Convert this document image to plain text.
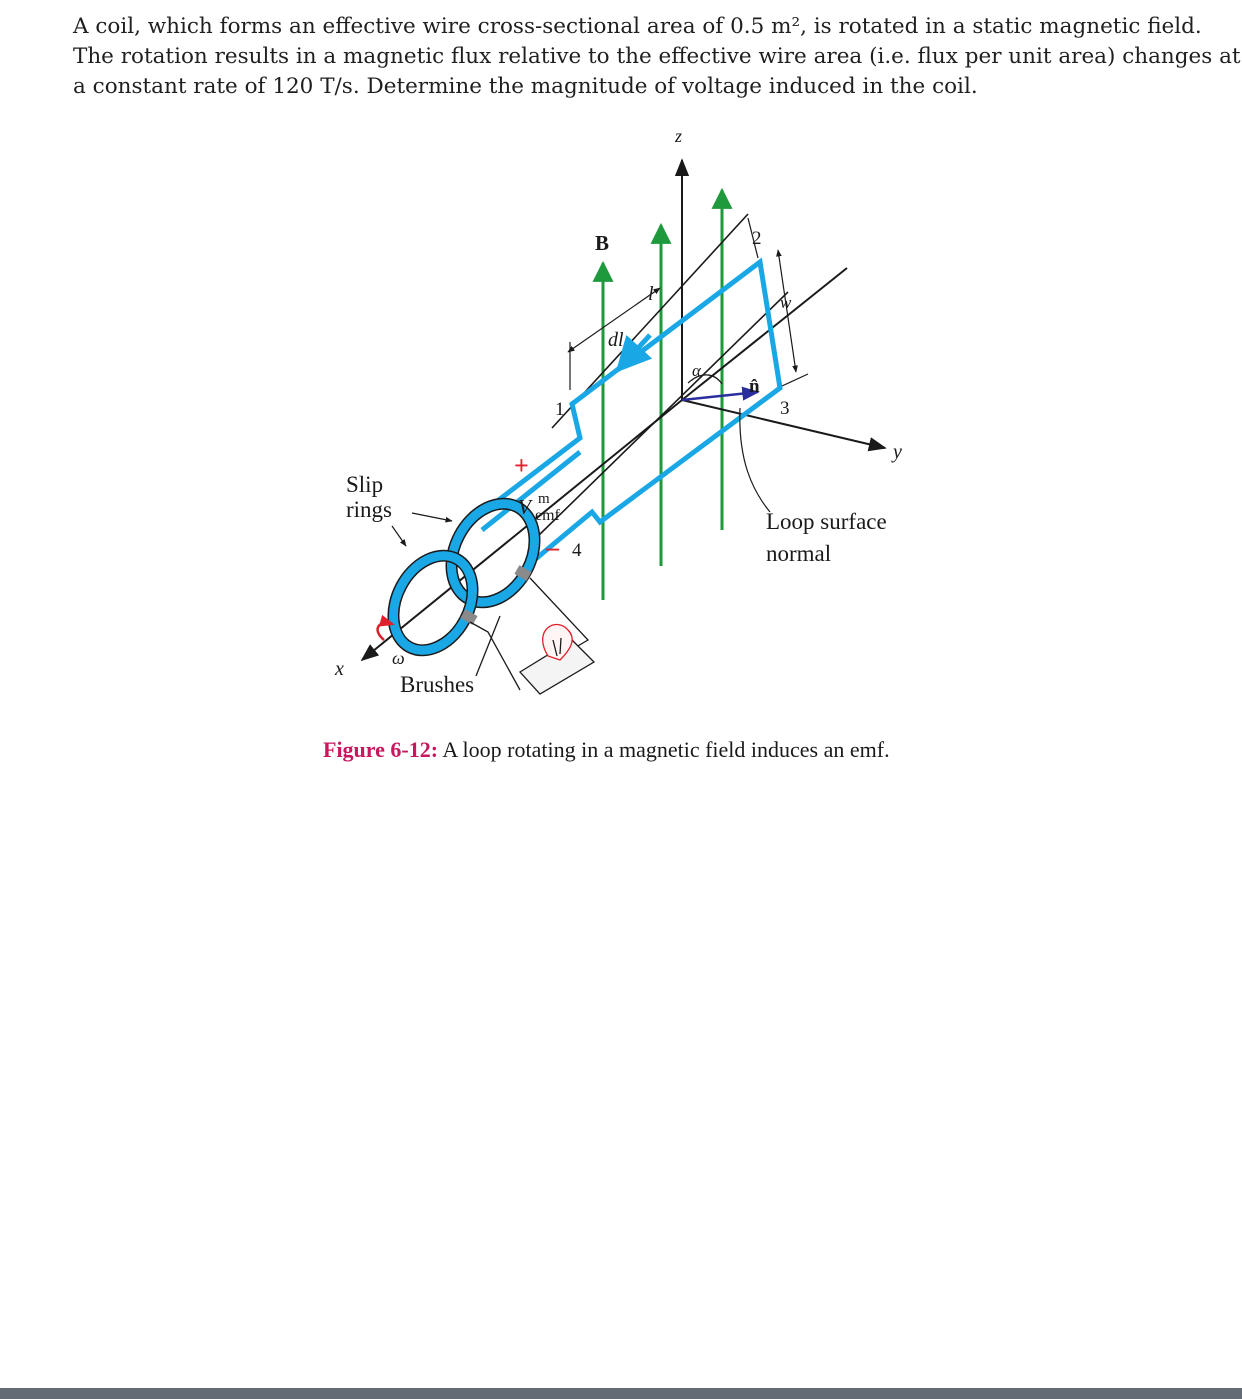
A coil, which forms an effective wire cross-sectional area of 0.5 m², is rotated in a static magnetic field.
The rotation results in a magnetic flux relative to the effective wire area (i.e. flux per unit area) changes at
a constant rate of 120 T/s. Determine the magnitude of voltage induced in the coil.
z
y
x
B
l
dl
w
α
n̂
1
2
3
4
+
–
V m
emf
Slip
rings
Brushes
ω
Loop surface
normal
Figure 6-12: A loop rotating in a magnetic field induces an emf.
